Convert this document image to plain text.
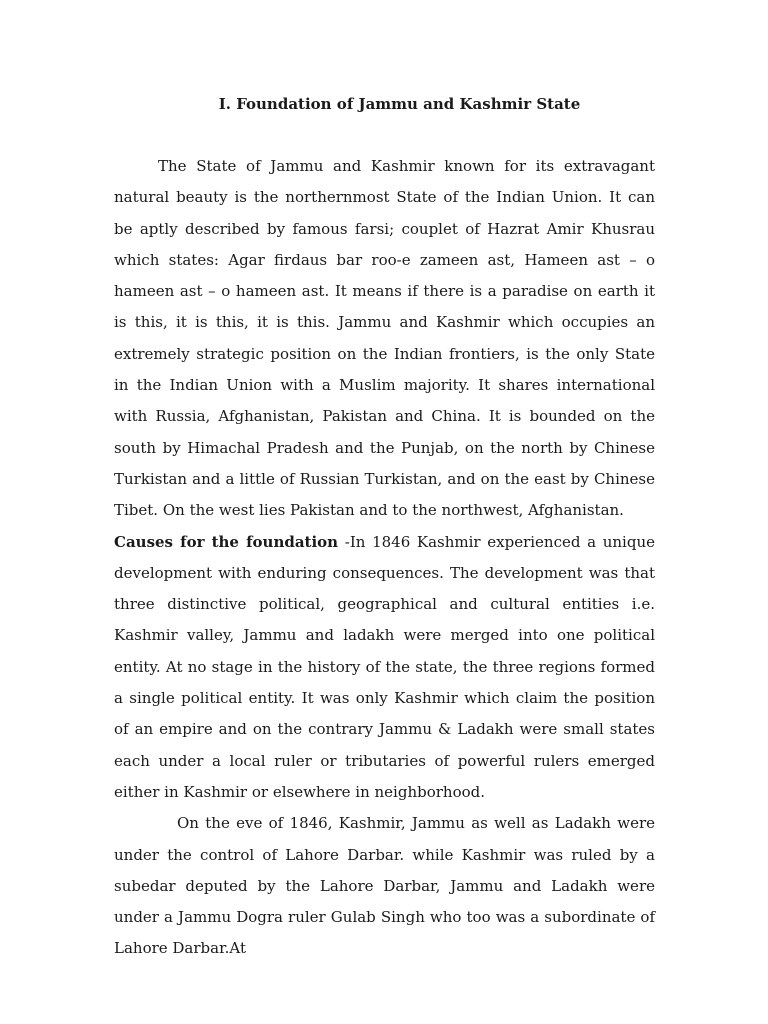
I. Foundation of Jammu and Kashmir State

The State of Jammu and Kashmir known for its extravagant natural beauty is the northernmost State of the Indian Union. It can be aptly described by famous farsi; couplet of Hazrat Amir Khusrau which states: Agar firdaus bar roo-e zameen ast, Hameen ast – o hameen ast – o hameen ast. It means if there is a paradise on earth it is this, it is this, it is this. Jammu and Kashmir which occupies an extremely strategic position on the Indian frontiers, is the only State in the Indian Union with a Muslim majority. It shares international with Russia, Afghanistan, Pakistan and China. It is bounded on the south by Himachal Pradesh and the Punjab, on the north by Chinese Turkistan and a little of Russian Turkistan, and on the east by Chinese Tibet. On the west lies Pakistan and to the northwest, Afghanistan.

Causes for the foundation -In 1846 Kashmir experienced a unique development with enduring consequences. The development was that three distinctive political, geographical and cultural entities i.e. Kashmir valley, Jammu and ladakh were merged into one political entity. At no stage in the history of the state, the three regions formed a single political entity. It was only Kashmir which claim the position of an empire and on the contrary Jammu & Ladakh were small states each under a local ruler or tributaries of powerful rulers emerged either in Kashmir or elsewhere in neighborhood.

On the eve of 1846, Kashmir, Jammu as well as Ladakh were under the control of Lahore Darbar. while Kashmir was ruled by a subedar deputed by the Lahore Darbar, Jammu and Ladakh were under a Jammu Dogra ruler Gulab Singh who too was a subordinate of Lahore Darbar.At
